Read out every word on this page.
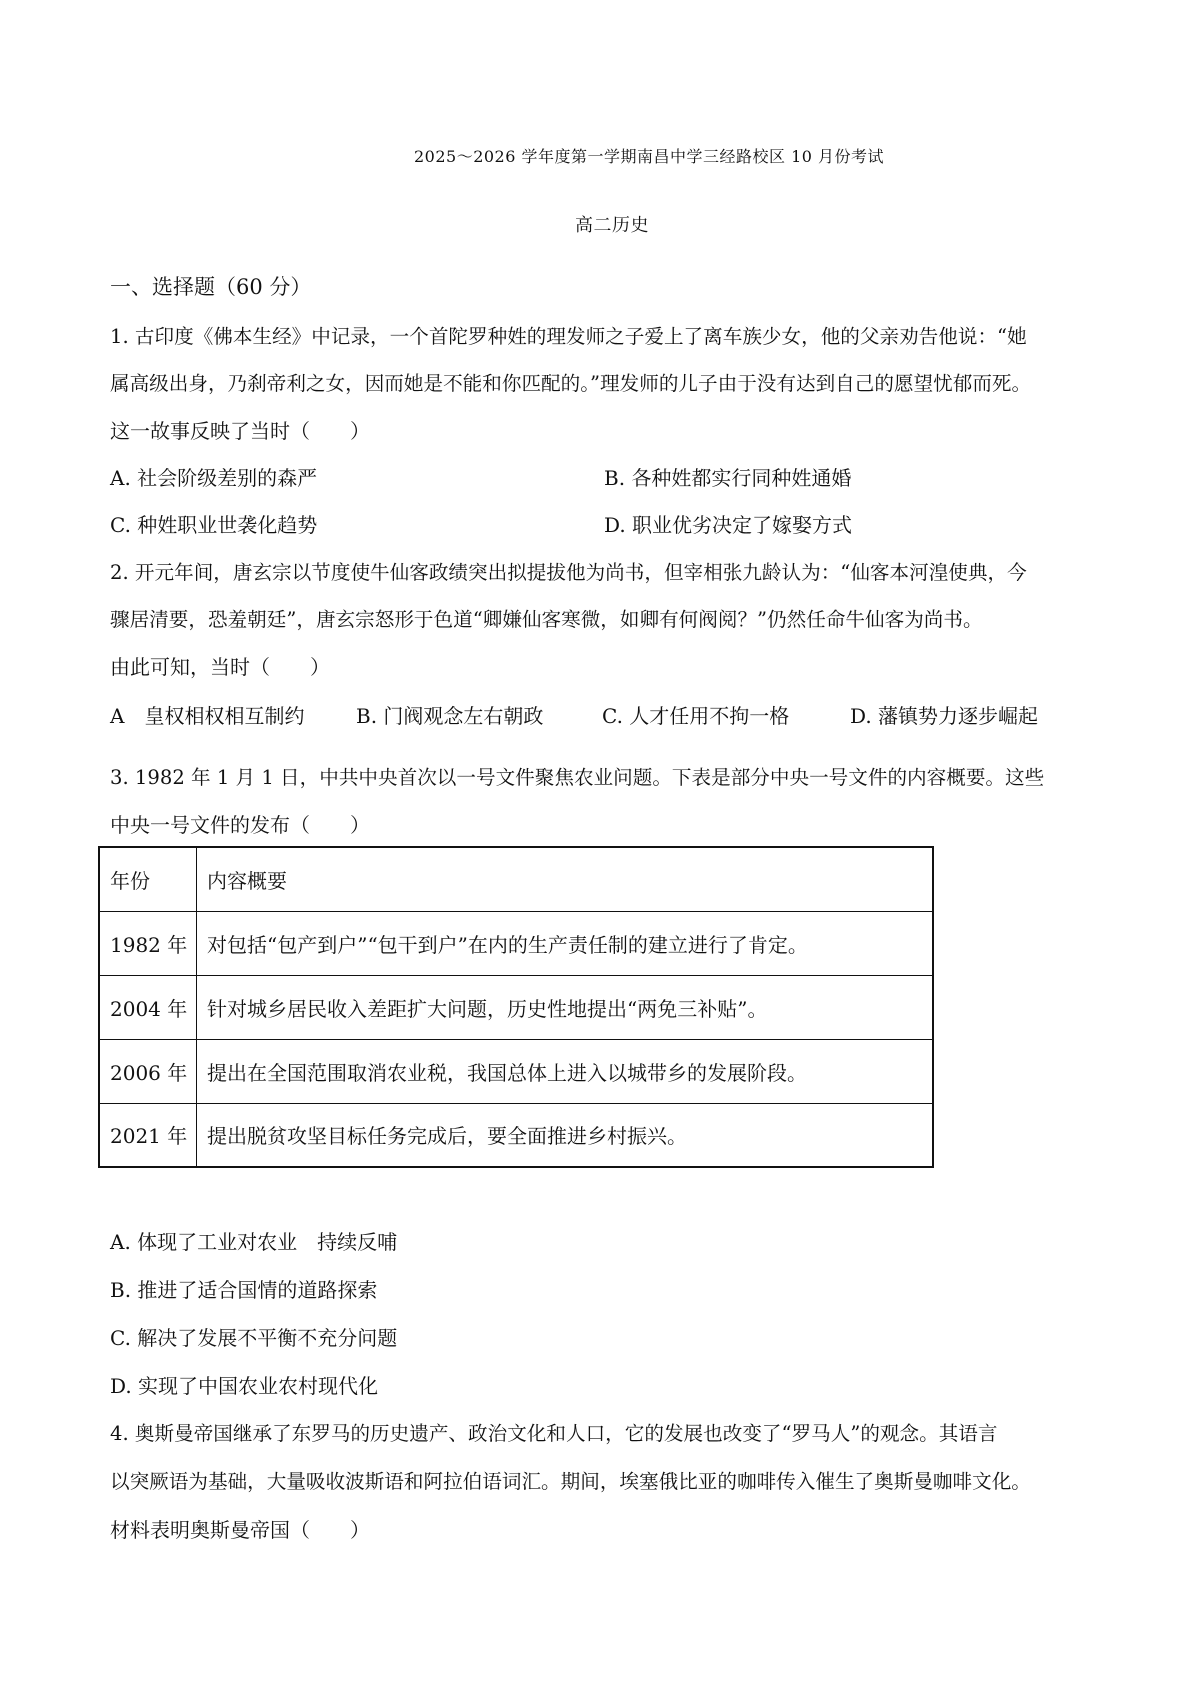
2025～2026 学年度第一学期南昌中学三经路校区 10 月份考试
高二历史
一、选择题（60 分）
1. 古印度《佛本生经》中记录，一个首陀罗种姓的理发师之子爱上了离车族少女，他的父亲劝告他说：“她
属高级出身，乃刹帝利之女，因而她是不能和你匹配的。”理发师的儿子由于没有达到自己的愿望忧郁而死。
这一故事反映了当时（　　）
A. 社会阶级差别的森严	B. 各种姓都实行同种姓通婚
C. 种姓职业世袭化趋势	D. 职业优劣决定了嫁娶方式
2. 开元年间，唐玄宗以节度使牛仙客政绩突出拟提拔他为尚书，但宰相张九龄认为：“仙客本河湟使典，今
骤居清要，恐羞朝廷”，唐玄宗怒形于色道“卿嫌仙客寒微，如卿有何阀阅？”仍然任命牛仙客为尚书。
由此可知，当时（　　）
A　皇权相权相互制约	B. 门阀观念左右朝政	C. 人才任用不拘一格	D. 藩镇势力逐步崛起
3. 1982 年 1 月 1 日，中共中央首次以一号文件聚焦农业问题。下表是部分中央一号文件的内容概要。这些
中央一号文件的发布（　　）
年份	内容概要
1982 年	对包括“包产到户”“包干到户”在内的生产责任制的建立进行了肯定。
2004 年	针对城乡居民收入差距扩大问题，历史性地提出“两免三补贴”。
2006 年	提出在全国范围取消农业税，我国总体上进入以城带乡的发展阶段。
2021 年	提出脱贫攻坚目标任务完成后，要全面推进乡村振兴。
A. 体现了工业对农业　持续反哺
B. 推进了适合国情的道路探索
C. 解决了发展不平衡不充分问题
D. 实现了中国农业农村现代化
4. 奥斯曼帝国继承了东罗马的历史遗产、政治文化和人口，它的发展也改变了“罗马人”的观念。其语言
以突厥语为基础，大量吸收波斯语和阿拉伯语词汇。期间，埃塞俄比亚的咖啡传入催生了奥斯曼咖啡文化。
材料表明奥斯曼帝国（　　）
